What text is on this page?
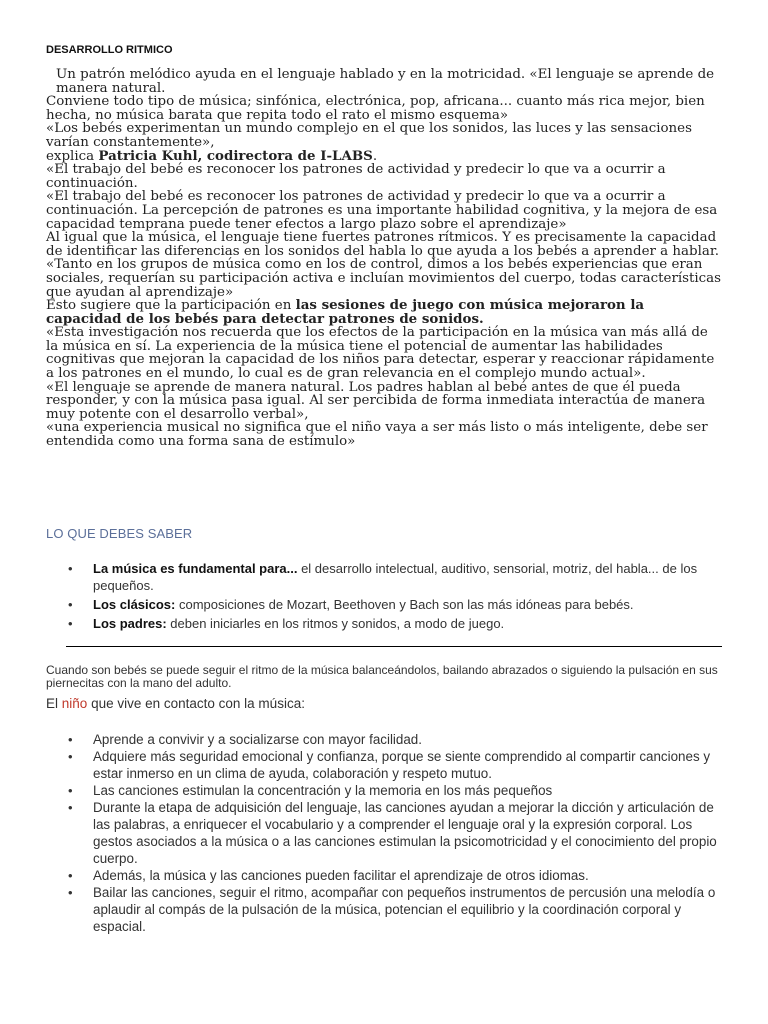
DESARROLLO RITMICO

Un patrón melódico ayuda en el lenguaje hablado y en la motricidad. «El lenguaje se aprende de manera natural.

Conviene todo tipo de música; sinfónica, electrónica, pop, africana... cuanto más rica mejor, bien hecha, no música barata que repita todo el rato el mismo esquema»

«Los bebés experimentan un mundo complejo en el que los sonidos, las luces y las sensaciones varían constantemente»,

explica Patricia Kuhl, codirectora de I-LABS.

«El trabajo del bebé es reconocer los patrones de actividad y predecir lo que va a ocurrir a continuación.

«El trabajo del bebé es reconocer los patrones de actividad y predecir lo que va a ocurrir a continuación. La percepción de patrones es una importante habilidad cognitiva, y la mejora de esa capacidad temprana puede tener efectos a largo plazo sobre el aprendizaje»

Al igual que la música, el lenguaje tiene fuertes patrones rítmicos. Y es precisamente la capacidad de identificar las diferencias en los sonidos del habla lo que ayuda a los bebés a aprender a hablar.

«Tanto en los grupos de música como en los de control, dimos a los bebés experiencias que eran sociales, requerían su participación activa e incluían movimientos del cuerpo, todas características que ayudan al aprendizaje»

Esto sugiere que la participación en las sesiones de juego con música mejoraron la capacidad de los bebés para detectar patrones de sonidos.

«Esta investigación nos recuerda que los efectos de la participación en la música van más allá de la música en sí. La experiencia de la música tiene el potencial de aumentar las habilidades cognitivas que mejoran la capacidad de los niños para detectar, esperar y reaccionar rápidamente a los patrones en el mundo, lo cual es de gran relevancia en el complejo mundo actual».

«El lenguaje se aprende de manera natural. Los padres hablan al bebé antes de que él pueda responder, y con la música pasa igual. Al ser percibida de forma inmediata interactúa de manera muy potente con el desarrollo verbal»,

«una experiencia musical no significa que el niño vaya a ser más listo o más inteligente, debe ser entendida como una forma sana de estímulo»

LO QUE DEBES SABER
• La música es fundamental para... el desarrollo intelectual, auditivo, sensorial, motriz, del habla... de los pequeños.
• Los clásicos: composiciones de Mozart, Beethoven y Bach son las más idóneas para bebés.
• Los padres: deben iniciarles en los ritmos y sonidos, a modo de juego.

Cuando son bebés se puede seguir el ritmo de la música balanceándolos, bailando abrazados o siguiendo la pulsación en sus piernecitas con la mano del adulto.

El niño que vive en contacto con la música:

• Aprende a convivir y a socializarse con mayor facilidad.
• Adquiere más seguridad emocional y confianza, porque se siente comprendido al compartir canciones y estar inmerso en un clima de ayuda, colaboración y respeto mutuo.
• Las canciones estimulan la concentración y la memoria en los más pequeños
• Durante la etapa de adquisición del lenguaje, las canciones ayudan a mejorar la dicción y articulación de las palabras, a enriquecer el vocabulario y a comprender el lenguaje oral y la expresión corporal. Los gestos asociados a la música o a las canciones estimulan la psicomotricidad y el conocimiento del propio cuerpo.
• Además, la música y las canciones pueden facilitar el aprendizaje de otros idiomas.
• Bailar las canciones, seguir el ritmo, acompañar con pequeños instrumentos de percusión una melodía o aplaudir al compás de la pulsación de la música, potencian el equilibrio y la coordinación corporal y espacial.
